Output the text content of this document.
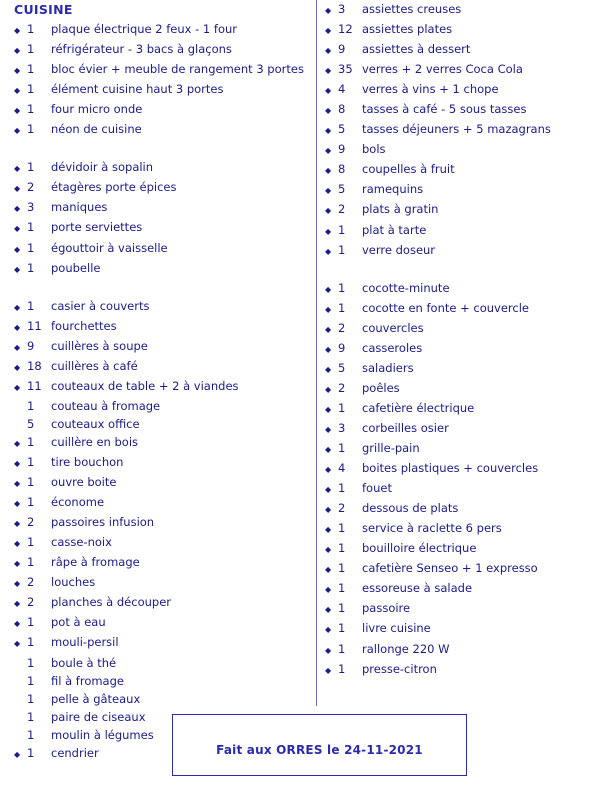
CUISINE
◆ 1	plaque électrique 2 feux - 1 four
◆ 1	réfrigérateur - 3 bacs à glaçons
◆ 1	bloc évier + meuble de rangement 3 portes
◆ 1	élément cuisine haut 3 portes
◆ 1	four micro onde
◆ 1	néon de cuisine
◆ 1	dévidoir à sopalin
◆ 2	étagères porte épices
◆ 3	maniques
◆ 1	porte serviettes
◆ 1	égouttoir à vaisselle
◆ 1	poubelle
◆ 1	casier à couverts
◆ 11 fourchettes
◆ 9	cuillères à soupe
◆ 18 cuillères à café
◆ 11 couteaux de table + 2 à viandes
1	couteau à fromage
5	couteaux office
◆ 1	cuillère en bois
◆ 1	tire bouchon
◆ 1	ouvre boite
◆ 1	économe
◆ 2	passoires infusion
◆ 1	casse-noix
◆ 1	râpe à fromage
◆ 2	louches
◆ 2	planches à découper
◆ 1	pot à eau
◆ 1	mouli-persil
1	boule à thé
1	fil à fromage
1	pelle à gâteaux
1	paire de ciseaux
1	moulin à légumes
◆ 1	cendrier
◆ 3	assiettes creuses
◆ 12 assiettes plates
◆ 9	assiettes à dessert
◆ 35 verres + 2 verres Coca Cola
◆ 4	verres à vins + 1 chope
◆ 8	tasses à café - 5 sous tasses
◆ 5	tasses déjeuners + 5 mazagrans
◆ 9	bols
◆ 8	coupelles à fruit
◆ 5	ramequins
◆ 2	plats à gratin
◆ 1	plat à tarte
◆ 1	verre doseur
◆ 1	cocotte-minute
◆ 1	cocotte en fonte + couvercle
◆ 2	couvercles
◆ 9	casseroles
◆ 5	saladiers
◆ 2	poêles
◆ 1	cafetière électrique
◆ 3	corbeilles osier
◆ 1	grille-pain
◆ 4	boites plastiques + couvercles
◆ 1	fouet
◆ 2	dessous de plats
◆ 1	service à raclette 6 pers
◆ 1	bouilloire électrique
◆ 1	cafetière Senseo + 1 expresso
◆ 1	essoreuse à salade
◆ 1	passoire
◆ 1	livre cuisine
◆ 1	rallonge 220 W
◆ 1	presse-citron
Fait aux ORRES le 24-11-2021
